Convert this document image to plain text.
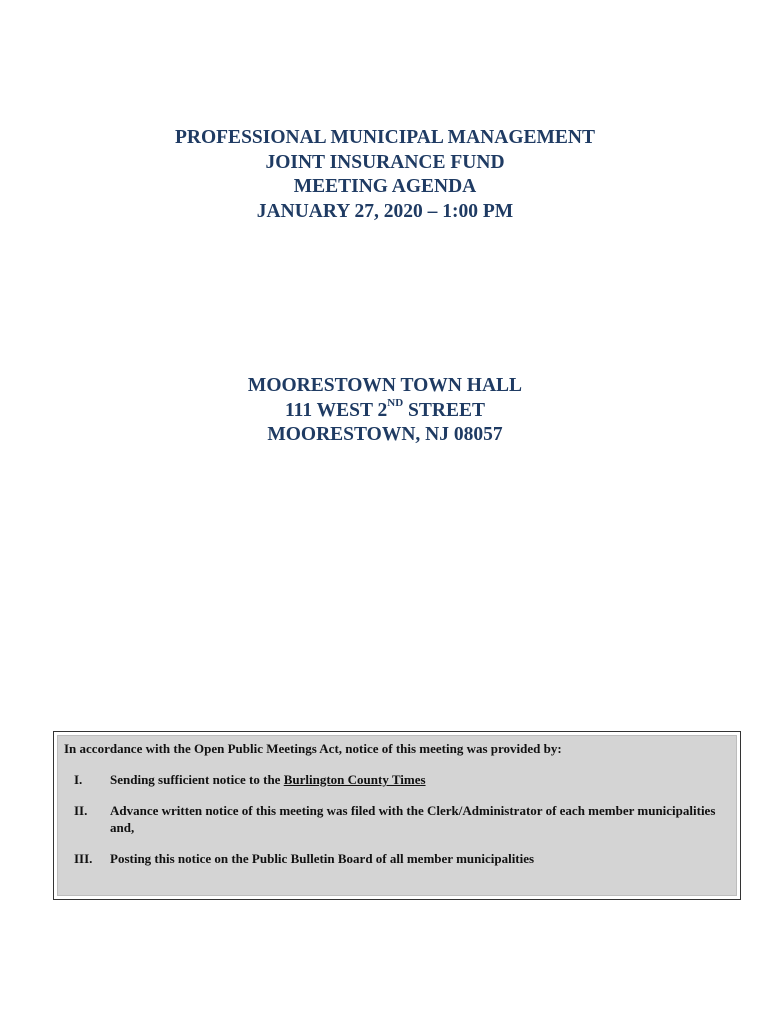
PROFESSIONAL MUNICIPAL MANAGEMENT
JOINT INSURANCE FUND
MEETING AGENDA
JANUARY 27, 2020 – 1:00 PM
MOORESTOWN TOWN HALL
111 WEST 2ND STREET
MOORESTOWN, NJ 08057
In accordance with the Open Public Meetings Act, notice of this meeting was provided by:
I. Sending sufficient notice to the Burlington County Times
II. Advance written notice of this meeting was filed with the Clerk/Administrator of each member municipalities and,
III. Posting this notice on the Public Bulletin Board of all member municipalities
